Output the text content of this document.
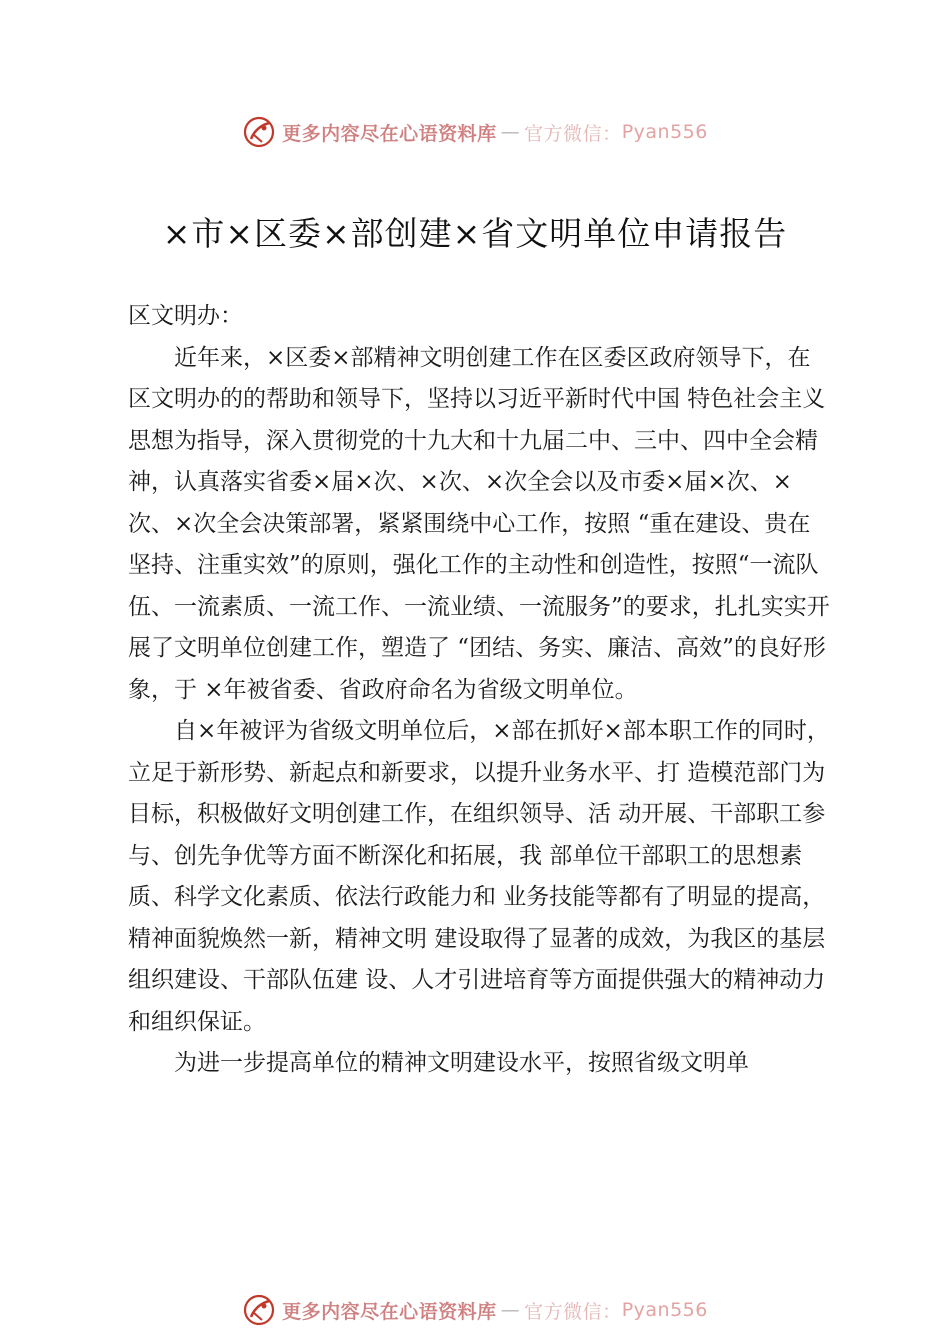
更多内容尽在心语资料库 — 官方微信： Pyan556
×市×区委×部创建×省文明单位申请报告

区文明办：

近年来，×区委×部精神文明创建工作在区委区政府领导下，在区文明办的的帮助和领导下，坚持以习近平新时代中国 特色社会主义思想为指导，深入贯彻党的十九大和十九届二中、三中、四中全会精神，认真落实省委×届×次、×次、×次全会以及市委×届×次、×次、×次全会决策部署，紧紧围绕中心工作，按照 “重在建设、贵在坚持、注重实效”的原则，强化工作的主动性和创造性，按照“一流队伍、一流素质、一流工作、一流业绩、一流服务”的要求，扎扎实实开展了文明单位创建工作，塑造了 “团结、务实、廉洁、高效”的良好形象，于 ×年被省委、省政府命名为省级文明单位。

自×年被评为省级文明单位后，×部在抓好×部本职工作的同时，立足于新形势、新起点和新要求，以提升业务水平、打 造模范部门为目标，积极做好文明创建工作，在组织领导、活 动开展、干部职工参与、创先争优等方面不断深化和拓展，我 部单位干部职工的思想素质、科学文化素质、依法行政能力和 业务技能等都有了明显的提高，精神面貌焕然一新，精神文明 建设取得了显著的成效，为我区的基层组织建设、干部队伍建 设、人才引进培育等方面提供强大的精神动力和组织保证。

为进一步提高单位的精神文明建设水平，按照省级文明单

更多内容尽在心语资料库 — 官方微信： Pyan556
